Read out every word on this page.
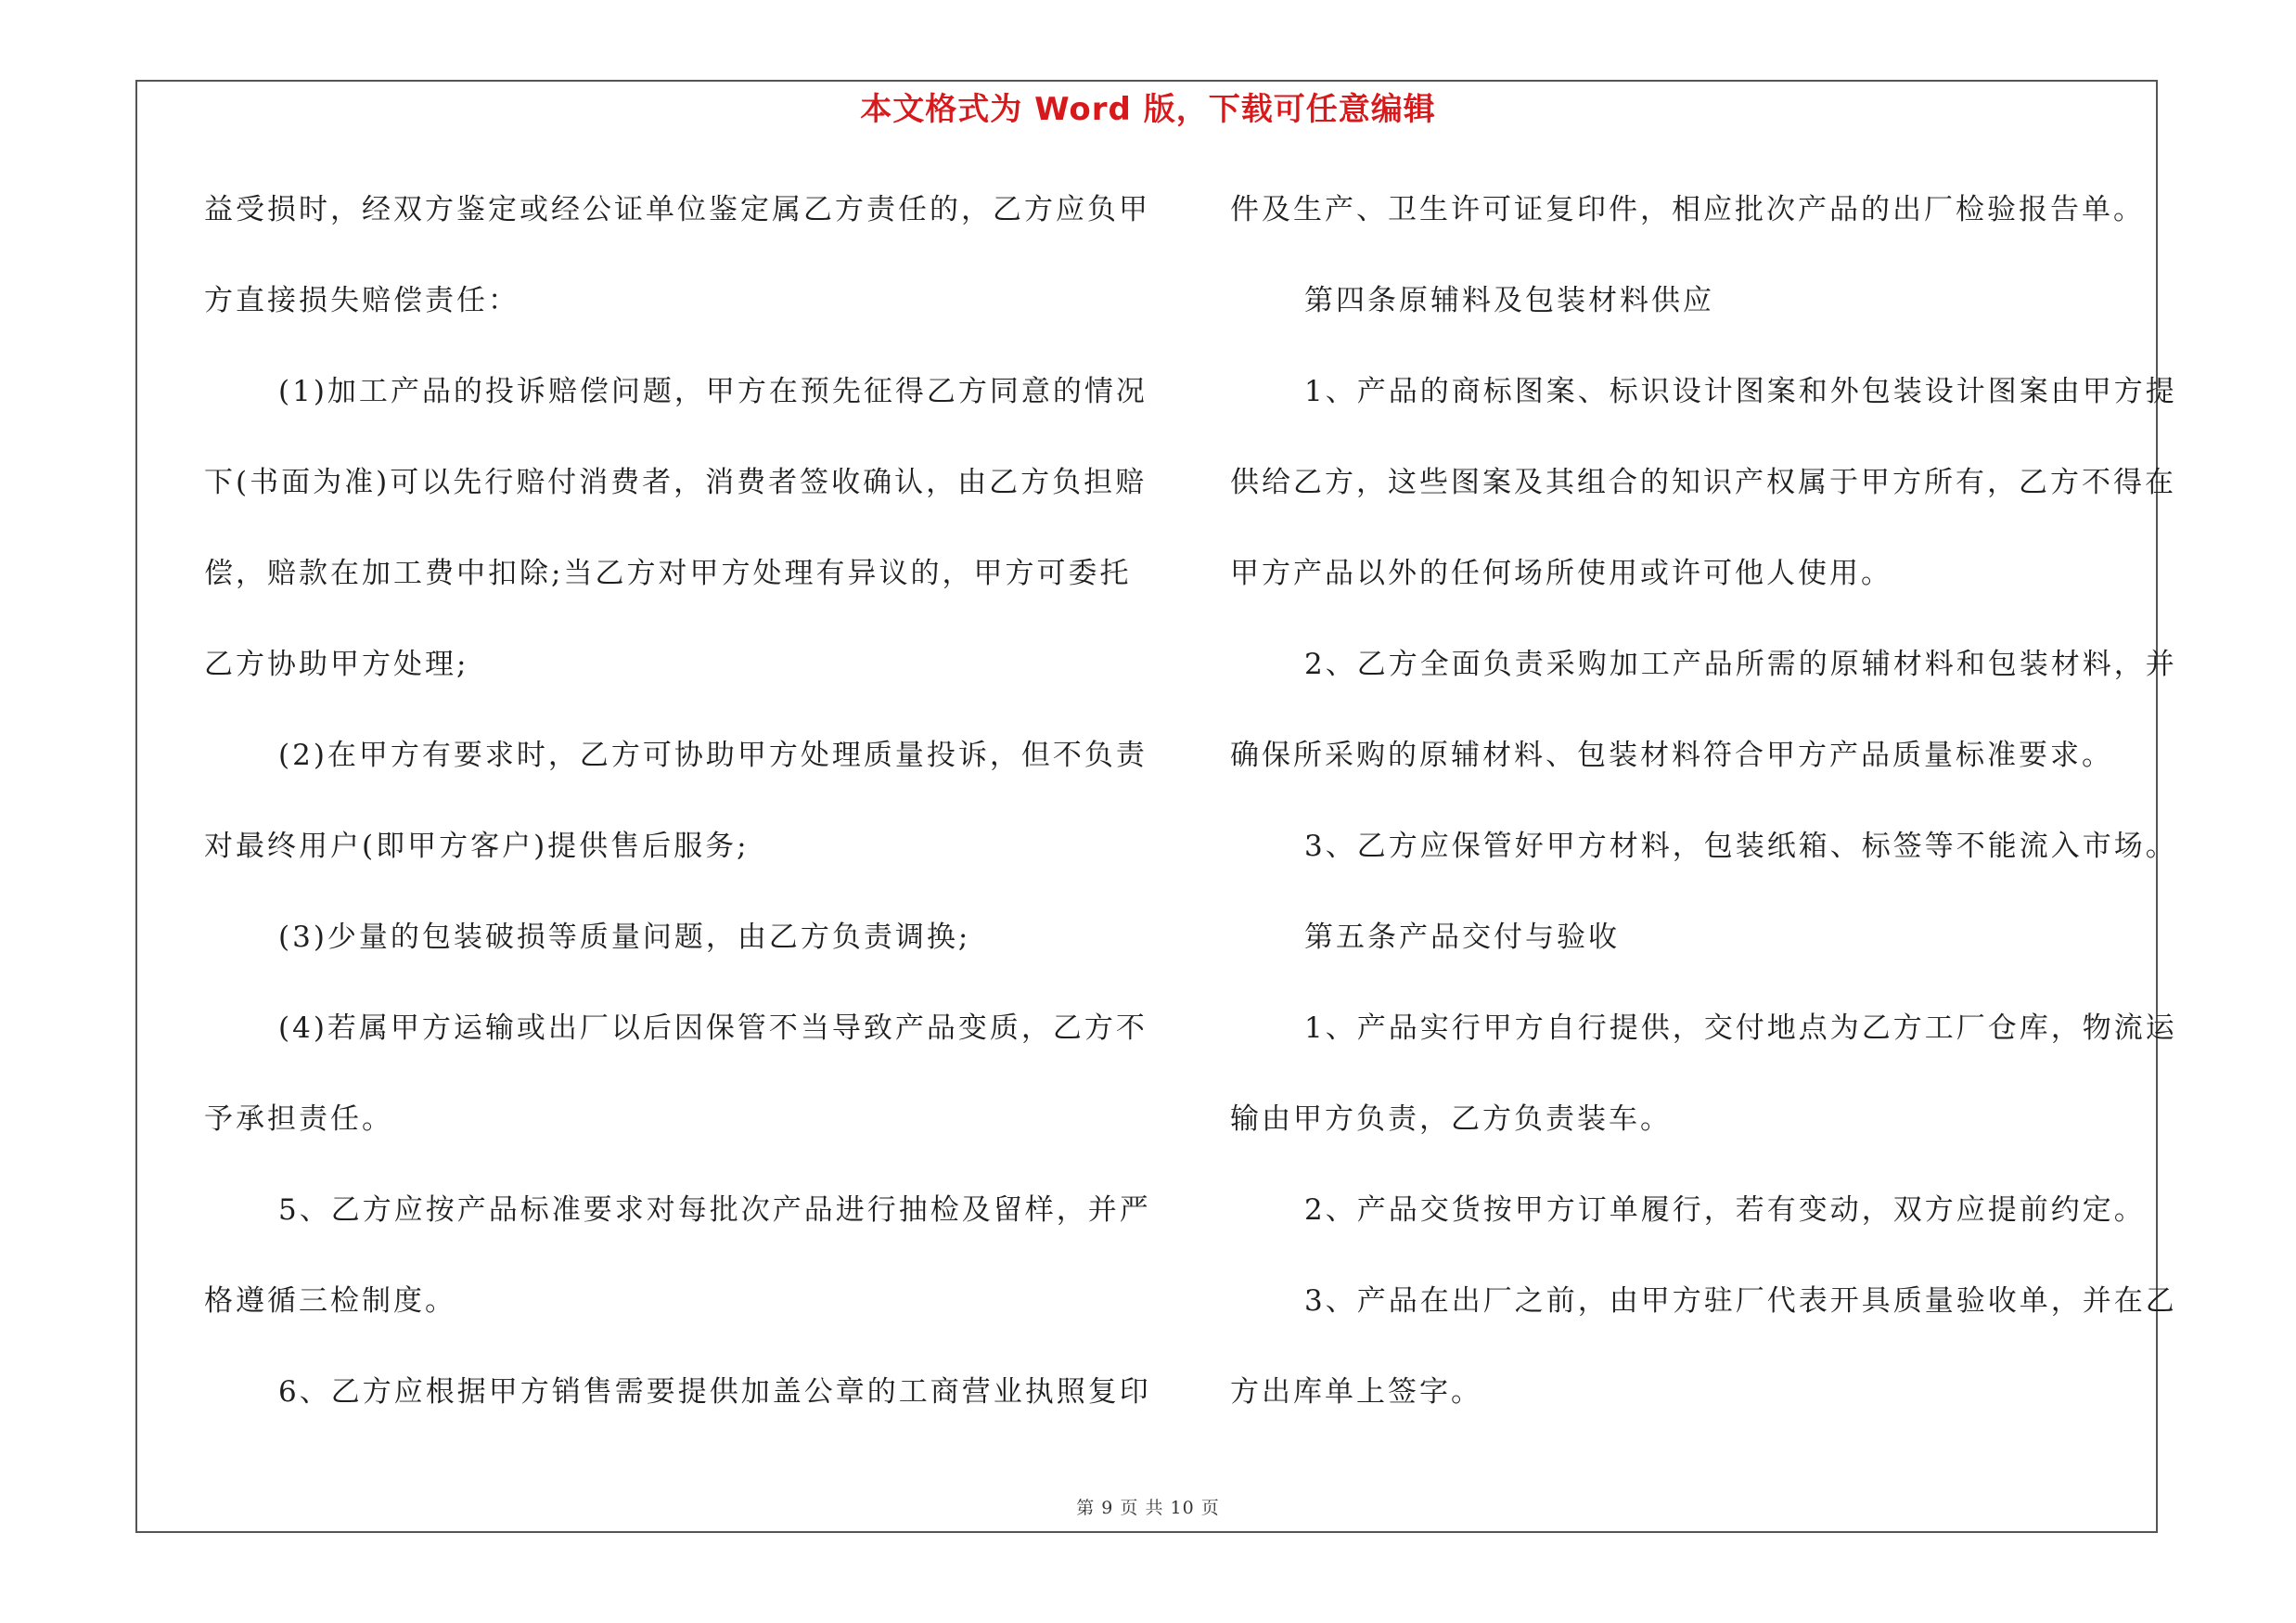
本文格式为 Word 版，下载可任意编辑
益受损时，经双方鉴定或经公证单位鉴定属乙方责任的，乙方应负甲
方直接损失赔偿责任：
(1)加工产品的投诉赔偿问题，甲方在预先征得乙方同意的情况
下(书面为准)可以先行赔付消费者，消费者签收确认，由乙方负担赔
偿，赔款在加工费中扣除;当乙方对甲方处理有异议的，甲方可委托
乙方协助甲方处理;
(2)在甲方有要求时，乙方可协助甲方处理质量投诉，但不负责
对最终用户(即甲方客户)提供售后服务;
(3)少量的包装破损等质量问题，由乙方负责调换;
(4)若属甲方运输或出厂以后因保管不当导致产品变质，乙方不
予承担责任。
5、乙方应按产品标准要求对每批次产品进行抽检及留样，并严
格遵循三检制度。
6、乙方应根据甲方销售需要提供加盖公章的工商营业执照复印
件及生产、卫生许可证复印件，相应批次产品的出厂检验报告单。
第四条原辅料及包装材料供应
1、产品的商标图案、标识设计图案和外包装设计图案由甲方提
供给乙方，这些图案及其组合的知识产权属于甲方所有，乙方不得在
甲方产品以外的任何场所使用或许可他人使用。
2、乙方全面负责采购加工产品所需的原辅材料和包装材料，并
确保所采购的原辅材料、包装材料符合甲方产品质量标准要求。
3、乙方应保管好甲方材料，包装纸箱、标签等不能流入市场。
第五条产品交付与验收
1、产品实行甲方自行提供，交付地点为乙方工厂仓库，物流运
输由甲方负责，乙方负责装车。
2、产品交货按甲方订单履行，若有变动，双方应提前约定。
3、产品在出厂之前，由甲方驻厂代表开具质量验收单，并在乙
方出库单上签字。
第 9 页 共 10 页
